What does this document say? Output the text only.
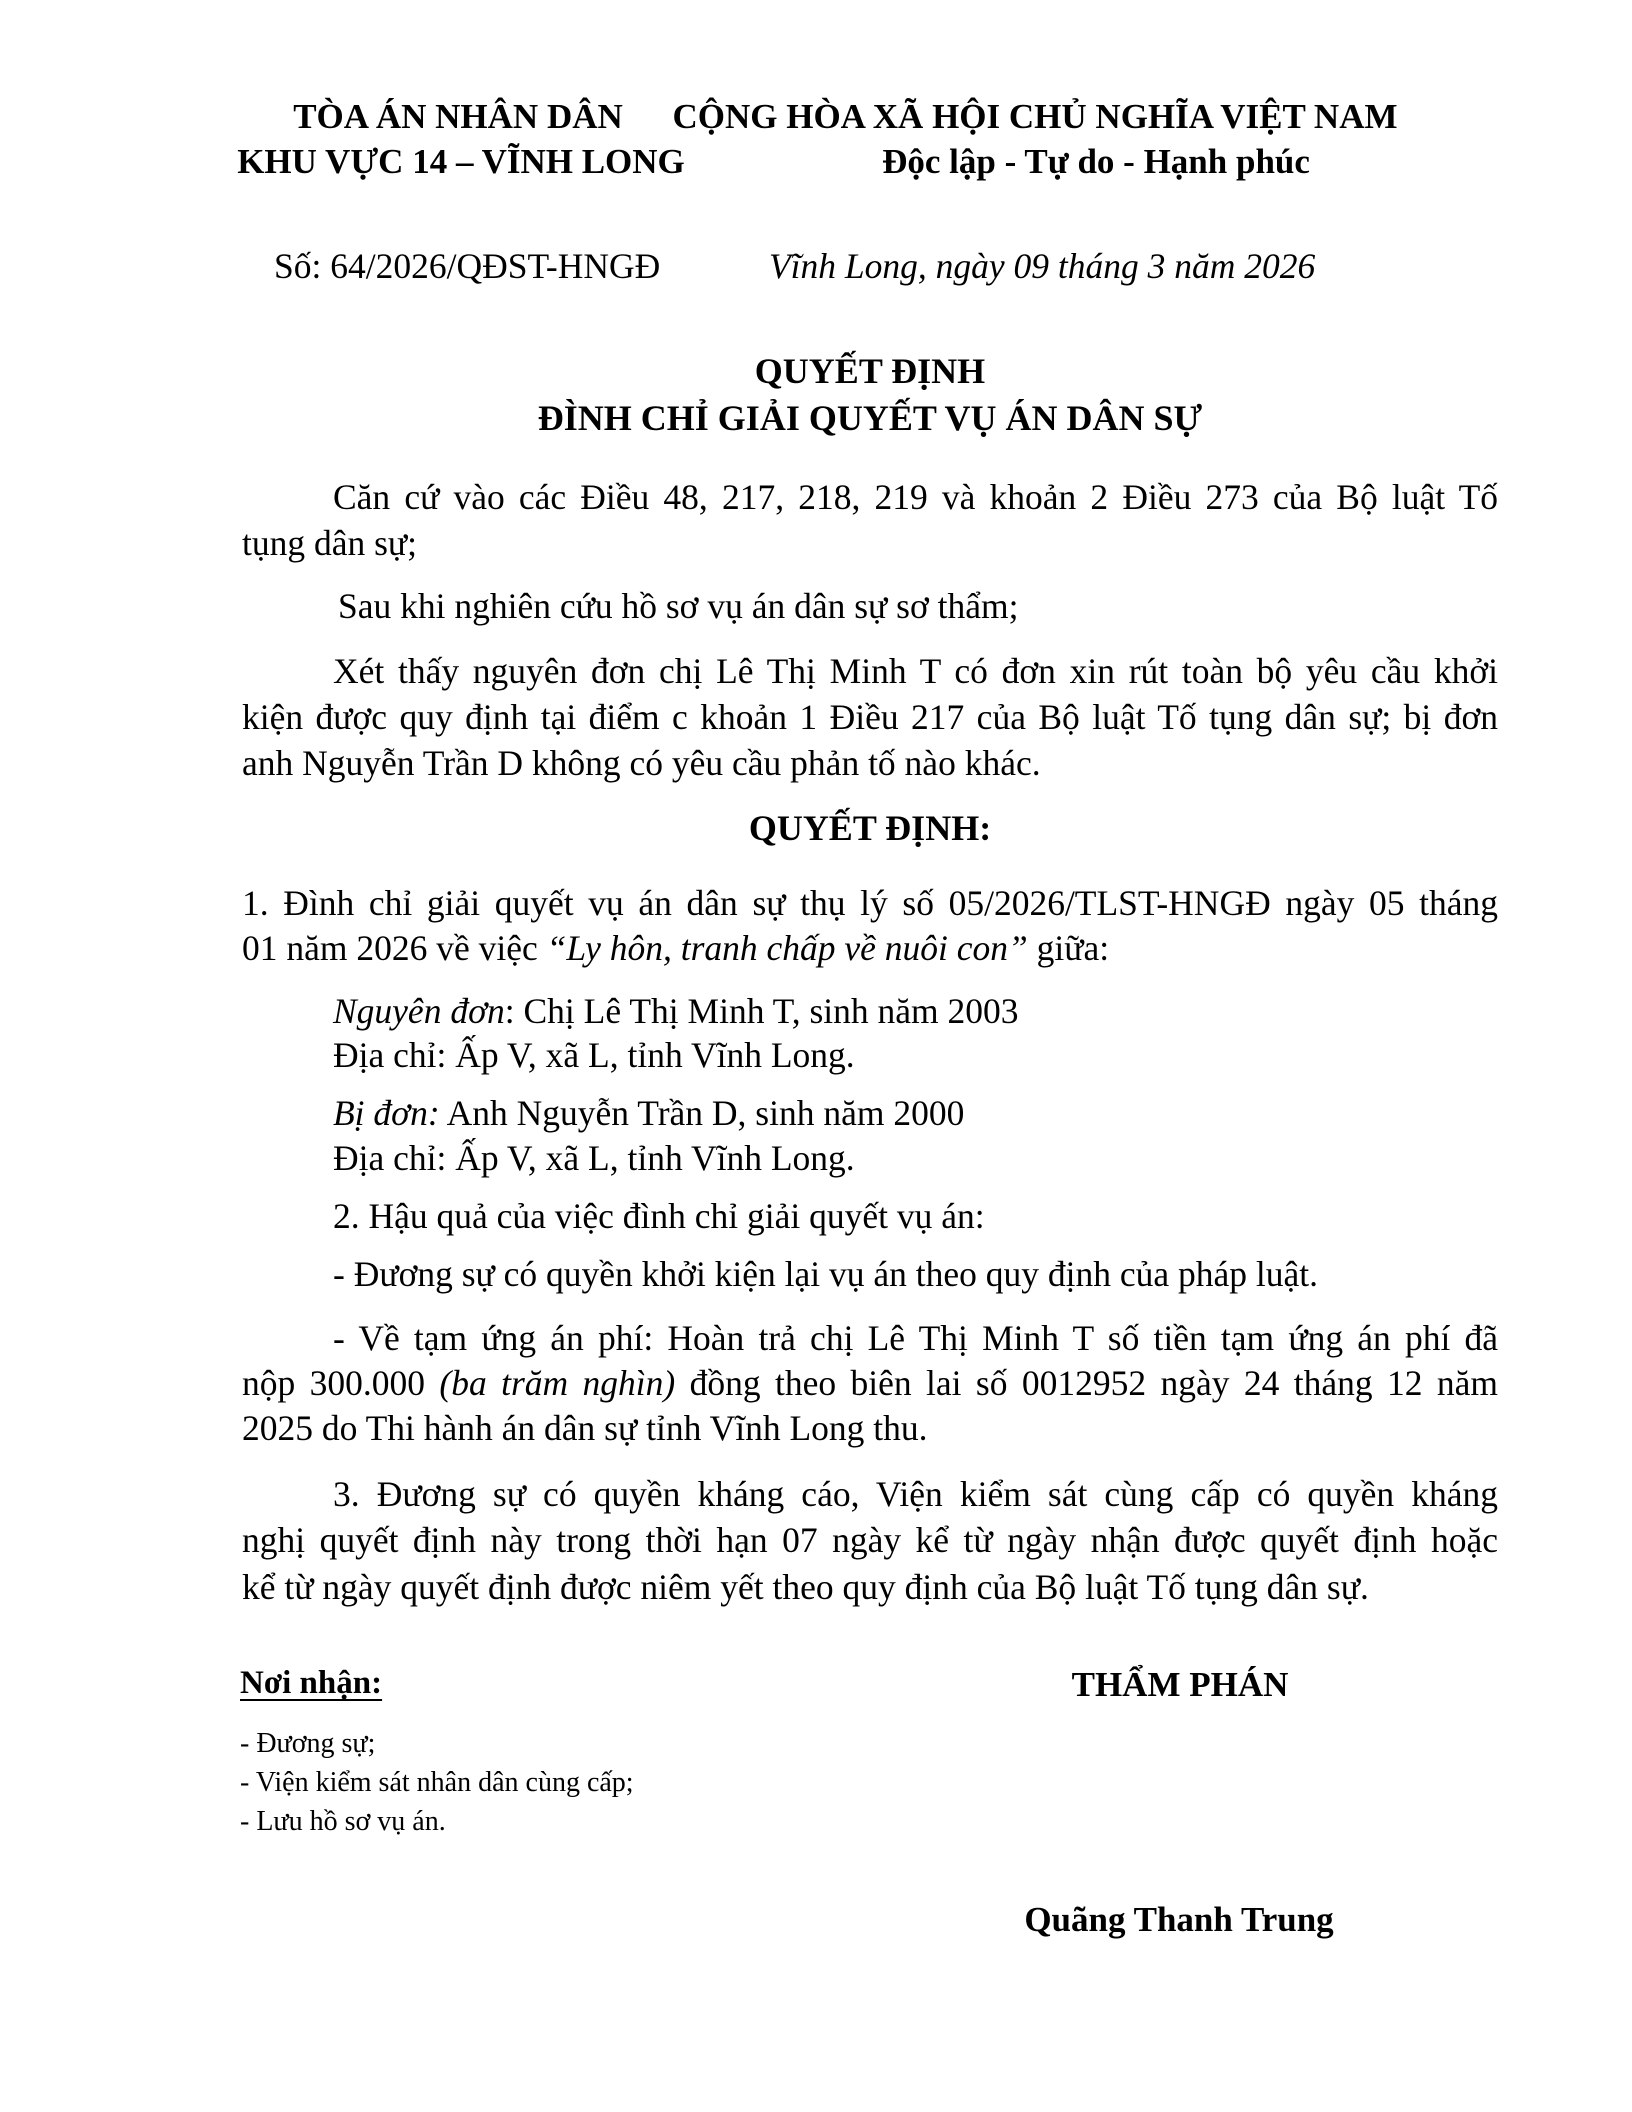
TÒA ÁN NHÂN DÂN
KHU VỰC 14 – VĨNH LONG
CỘNG HÒA XÃ HỘI CHỦ NGHĨA VIỆT NAM
Độc lập - Tự do - Hạnh phúc
Số: 64/2026/QĐST-HNGĐ	Vĩnh Long, ngày 09 tháng 3 năm 2026
QUYẾT ĐỊNH
ĐÌNH CHỈ GIẢI QUYẾT VỤ ÁN DÂN SỰ
Căn cứ vào các Điều 48, 217, 218, 219 và khoản 2 Điều 273 của Bộ luật Tố
tụng dân sự;
Sau khi nghiên cứu hồ sơ vụ án dân sự sơ thẩm;
Xét thấy nguyên đơn chị Lê Thị Minh T có đơn xin rút toàn bộ yêu cầu khởi
kiện được quy định tại điểm c khoản 1 Điều 217 của Bộ luật Tố tụng dân sự; bị đơn
anh Nguyễn Trần D không có yêu cầu phản tố nào khác.
QUYẾT ĐỊNH:
1. Đình chỉ giải quyết vụ án dân sự thụ lý số 05/2026/TLST-HNGĐ ngày 05 tháng
01 năm 2026 về việc “Ly hôn, tranh chấp về nuôi con” giữa:
Nguyên đơn: Chị Lê Thị Minh T, sinh năm 2003
Địa chỉ: Ấp V, xã L, tỉnh Vĩnh Long.
Bị đơn: Anh Nguyễn Trần D, sinh năm 2000
Địa chỉ: Ấp V, xã L, tỉnh Vĩnh Long.
2. Hậu quả của việc đình chỉ giải quyết vụ án:
- Đương sự có quyền khởi kiện lại vụ án theo quy định của pháp luật.
- Về tạm ứng án phí: Hoàn trả chị Lê Thị Minh T số tiền tạm ứng án phí đã
nộp 300.000 (ba trăm nghìn) đồng theo biên lai số 0012952 ngày 24 tháng 12 năm
2025 do Thi hành án dân sự tỉnh Vĩnh Long thu.
3. Đương sự có quyền kháng cáo, Viện kiểm sát cùng cấp có quyền kháng
nghị quyết định này trong thời hạn 07 ngày kể từ ngày nhận được quyết định hoặc
kể từ ngày quyết định được niêm yết theo quy định của Bộ luật Tố tụng dân sự.
Nơi nhận:
- Đương sự;
- Viện kiểm sát nhân dân cùng cấp;
- Lưu hồ sơ vụ án.
THẨM PHÁN
Quãng Thanh Trung
